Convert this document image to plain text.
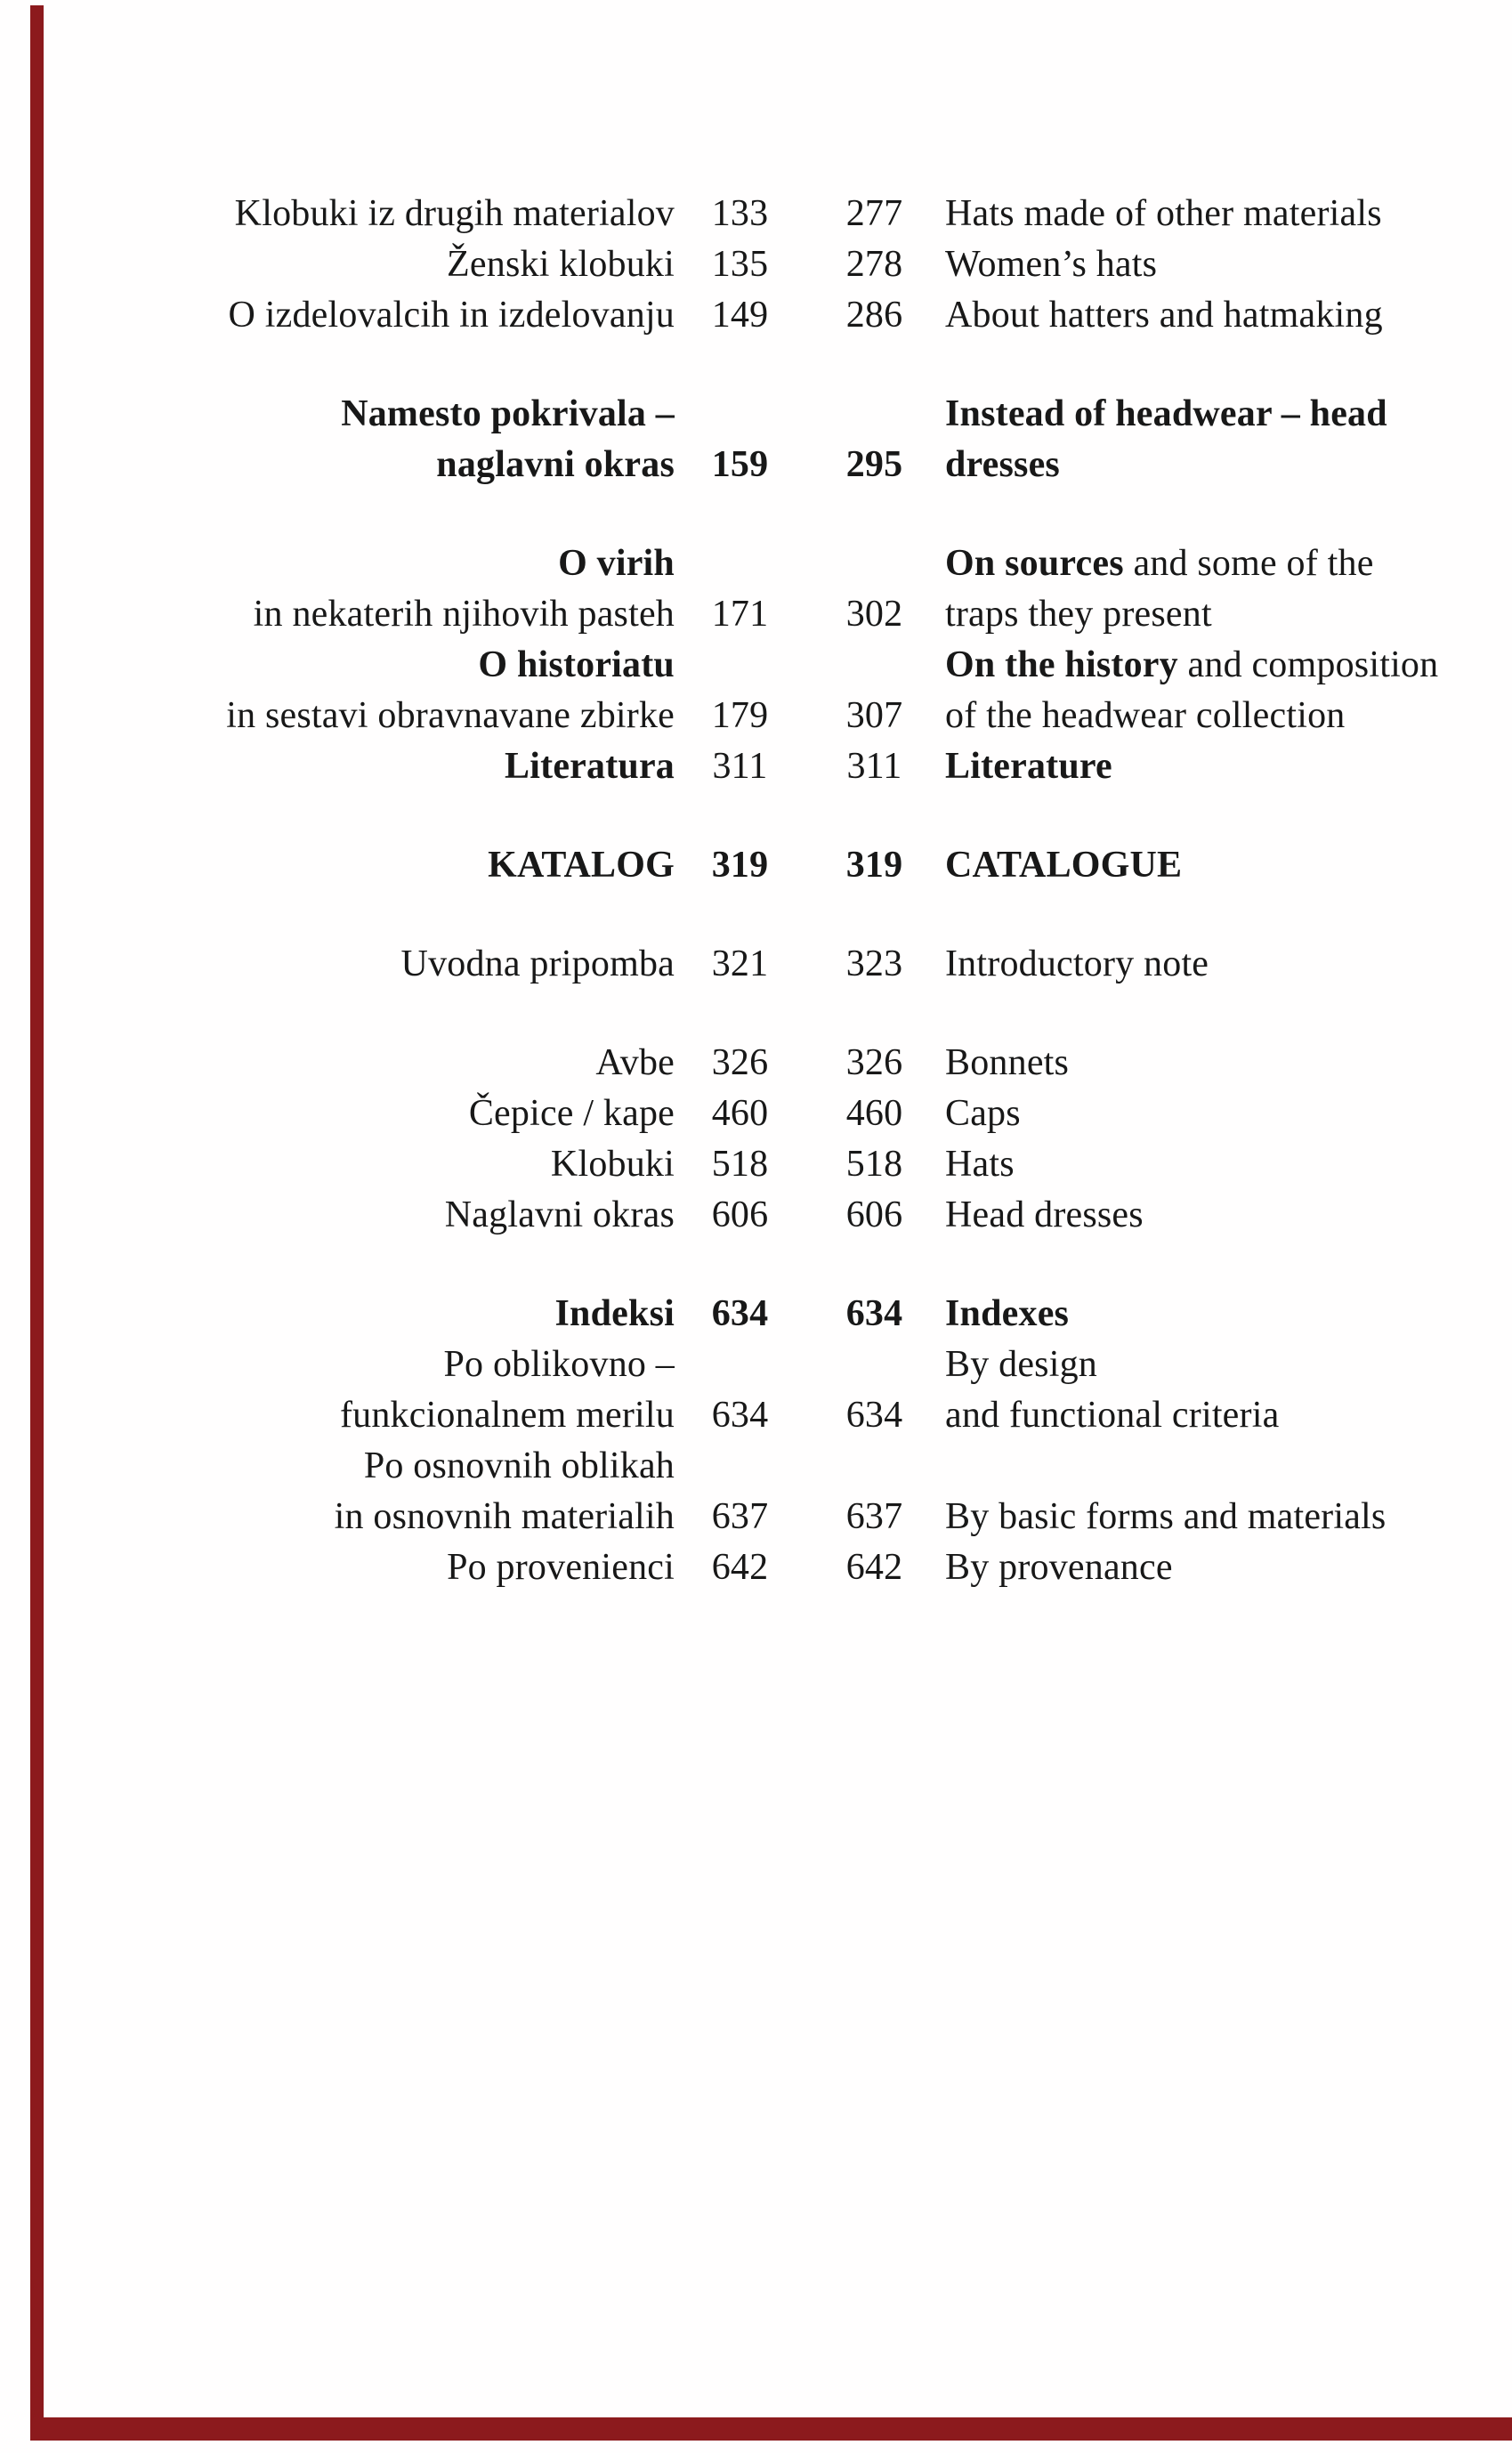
Klobuki iz drugih materialov 133	277	Hats made of other materials
Ženski klobuki 135	278	Women’s hats
O izdelovalcih in izdelovanju 149	286	About hatters and hatmaking
Namesto pokrivala –	Instead of headwear – head
naglavni okras 159	295	dresses
O virih	On sources and some of the
in nekaterih njihovih pasteh 171	302	traps they present
O historiatu	On the history and composition
in sestavi obravnavane zbirke 179	307	of the headwear collection
Literatura	311	311	Literature
KATALOG 319	319	CATALOGUE
Uvodna pripomba 321	323	Introductory note
Avbe 326	326	Bonnets
Čepice / kape 460	460	Caps
Klobuki 518	518	Hats
Naglavni okras 606	606	Head dresses
Indeksi 634	634	Indexes
Po oblikovno –	By design
funkcionalnem merilu 634	634	and functional criteria
Po osnovnih oblikah
in osnovnih materialih 637	637	By basic forms and materials
Po provenienci 642	642	By provenance
